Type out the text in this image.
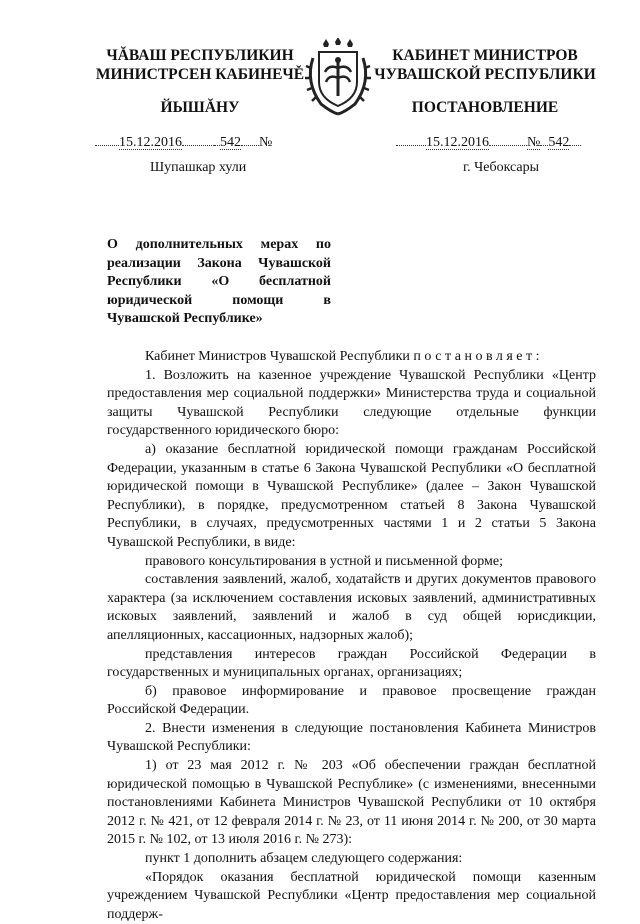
ЧĂВАШ РЕСПУБЛИКИН
МИНИСТРСЕН КАБИНЕЧĚ
ЙЫШĂНУ
15.12.2016	542 №
Шупашкар хули
КАБИНЕТ МИНИСТРОВ
ЧУВАШСКОЙ РЕСПУБЛИКИ
ПОСТАНОВЛЕНИЕ
15.12.2016	№ 542
г. Чебоксары
О дополнительных мерах по реализации Закона Чувашской Республики «О бесплатной юридической помощи в Чувашской Республике»

Кабинет Министров Чувашской Республики постановляет:

1. Возложить на казенное учреждение Чувашской Республики «Центр предоставления мер социальной поддержки» Министерства труда и социальной защиты Чувашской Республики следующие отдельные функции государственного юридического бюро:

а) оказание бесплатной юридической помощи гражданам Российской Федерации, указанным в статье 6 Закона Чувашской Республики «О бесплатной юридической помощи в Чувашской Республике» (далее – Закон Чувашской Республики), в порядке, предусмотренном статьей 8 Закона Чувашской Республики, в случаях, предусмотренных частями 1 и 2 статьи 5 Закона Чувашской Республики, в виде:

правового консультирования в устной и письменной форме;

составления заявлений, жалоб, ходатайств и других документов правового характера (за исключением составления исковых заявлений, административных исковых заявлений, заявлений и жалоб в суд общей юрисдикции, апелляционных, кассационных, надзорных жалоб);

представления интересов граждан Российской Федерации в государственных и муниципальных органах, организациях;

б) правовое информирование и правовое просвещение граждан Российской Федерации.

2. Внести изменения в следующие постановления Кабинета Министров Чувашской Республики:

1) от 23 мая 2012 г. № 203 «Об обеспечении граждан бесплатной юридической помощью в Чувашской Республике» (с изменениями, внесенными постановлениями Кабинета Министров Чувашской Республики от 10 октября 2012 г. № 421, от 12 февраля 2014 г. № 23, от 11 июня 2014 г. № 200, от 30 марта 2015 г. № 102, от 13 июля 2016 г. № 273):

пункт 1 дополнить абзацем следующего содержания:

«Порядок оказания бесплатной юридической помощи казенным учреждением Чувашской Республики «Центр предоставления мер социальной поддерж-
